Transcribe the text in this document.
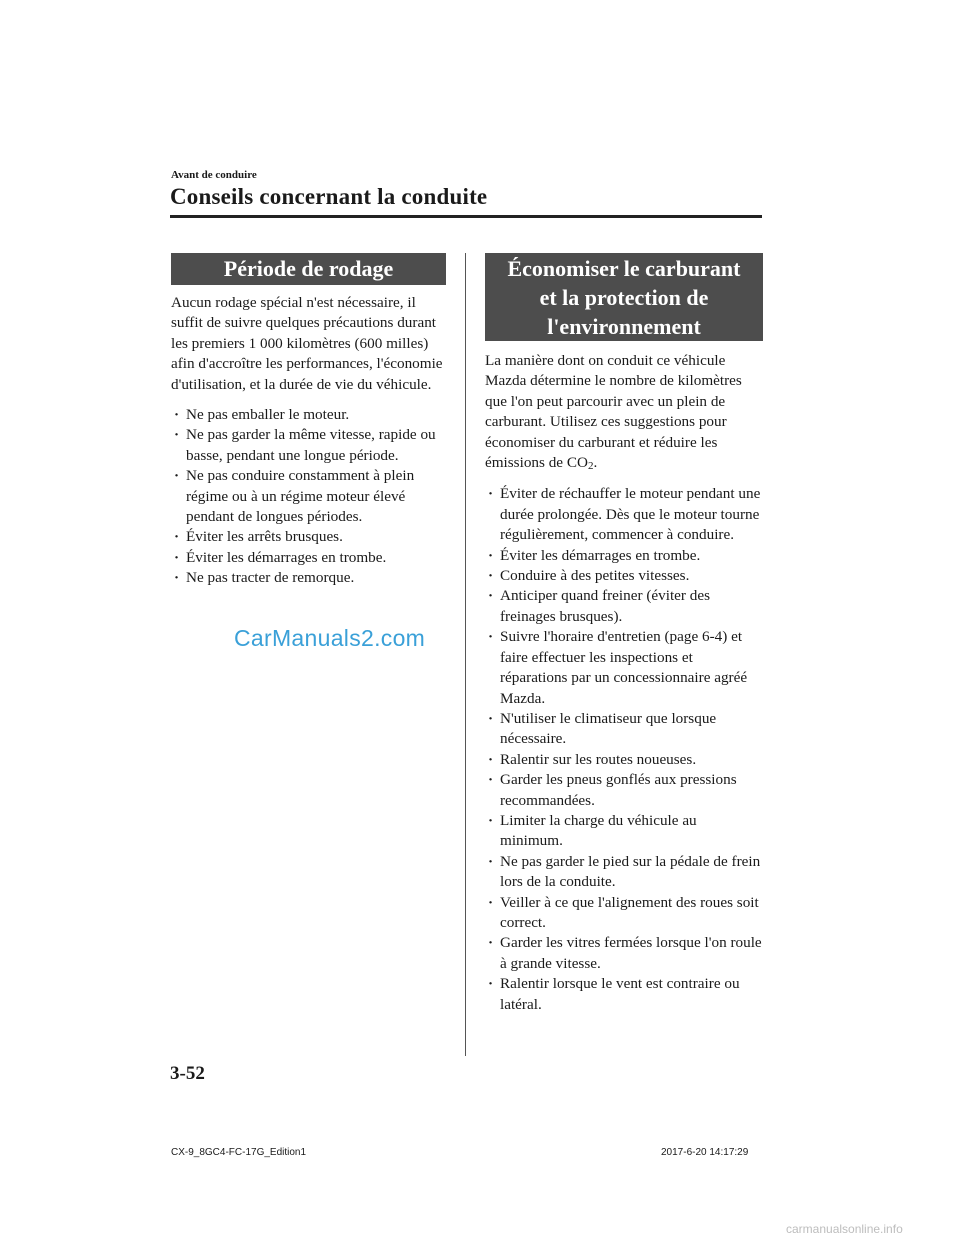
Avant de conduire
Conseils concernant la conduite
Période de rodage

Aucun rodage spécial n'est nécessaire, il suffit de suivre quelques précautions durant les premiers 1 000 kilomètres (600 milles) afin d'accroître les performances, l'économie d'utilisation, et la durée de vie du véhicule.

· Ne pas emballer le moteur.
· Ne pas garder la même vitesse, rapide ou basse, pendant une longue période.
· Ne pas conduire constamment à plein régime ou à un régime moteur élevé pendant de longues périodes.
· Éviter les arrêts brusques.
· Éviter les démarrages en trombe.
· Ne pas tracter de remorque.
Économiser le carburant
et la protection de
l'environnement

La manière dont on conduit ce véhicule Mazda détermine le nombre de kilomètres que l'on peut parcourir avec un plein de carburant. Utilisez ces suggestions pour économiser du carburant et réduire les émissions de $CO_2$.

· Éviter de réchauffer le moteur pendant une durée prolongée. Dès que le moteur tourne régulièrement, commencer à conduire.
· Éviter les démarrages en trombe.
· Conduire à des petites vitesses.
· Anticiper quand freiner (éviter des freinages brusques).
· Suivre l'horaire d'entretien (page 6-4) et faire effectuer les inspections et réparations par un concessionnaire agréé Mazda.
· N'utiliser le climatiseur que lorsque nécessaire.
· Ralentir sur les routes noueuses.
· Garder les pneus gonflés aux pressions recommandées.
· Limiter la charge du véhicule au minimum.
· Ne pas garder le pied sur la pédale de frein lors de la conduite.
· Veiller à ce que l'alignement des roues soit correct.
· Garder les vitres fermées lorsque l'on roule à grande vitesse.
· Ralentir lorsque le vent est contraire ou latéral.
CarManuals2.com
3-52
CX-9_8GC4-FC-17G_Edition1	2017-6-20 14:17:29
carmanualsonline.info
